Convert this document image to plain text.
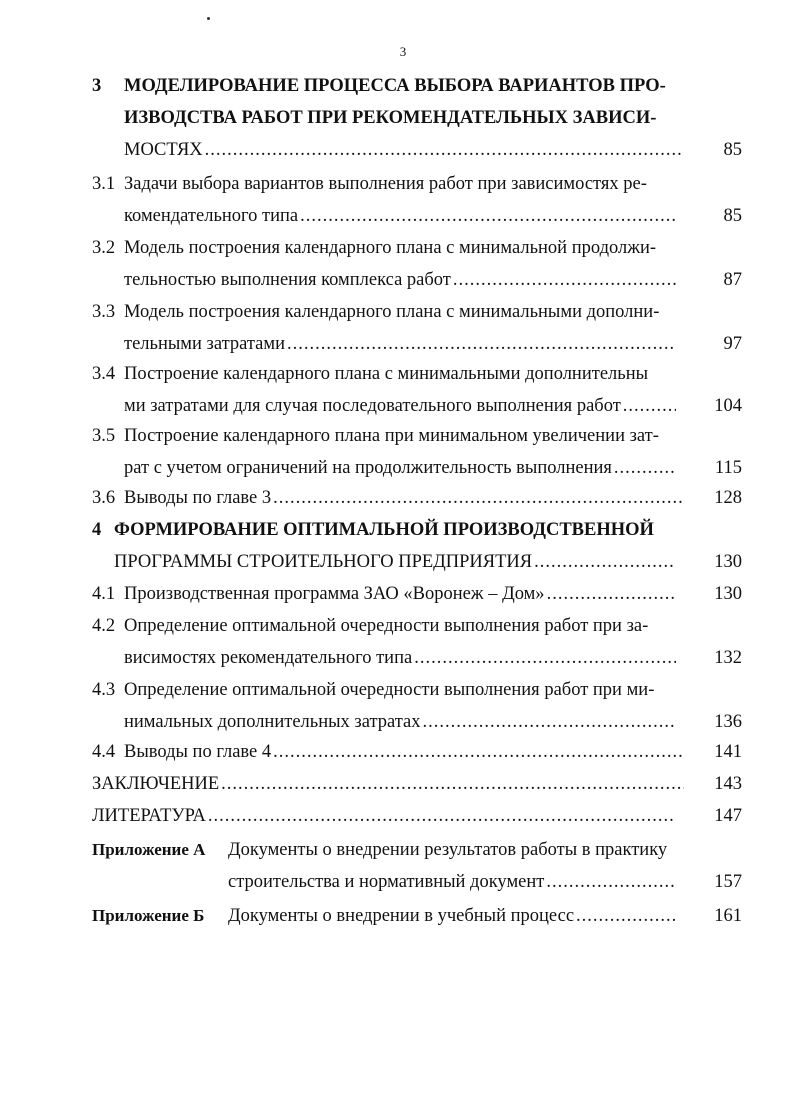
3
3 МОДЕЛИРОВАНИЕ ПРОЦЕССА ВЫБОРА ВАРИАНТОВ ПРО-
ИЗВОДСТВА РАБОТ ПРИ РЕКОМЕНДАТЕЛЬНЫХ ЗАВИСИ-
МОСТЯХ .....	85
3.1 Задачи выбора вариантов выполнения работ при зависимостях ре-
комендательного типа .....	85
3.2 Модель построения календарного плана с минимальной продолжи-
тельностью выполнения комплекса работ .....	87
3.3 Модель построения календарного плана с минимальными дополни-
тельными затратами .....	97
3.4 Построение календарного плана с минимальными дополнительны
ми затратами для случая последовательного выполнения работ .....	104
3.5 Построение календарного плана при минимальном увеличении зат-
рат с учетом ограничений на продолжительность выполнения .....	115
3.6 Выводы по главе 3 .....	128
4 ФОРМИРОВАНИЕ ОПТИМАЛЬНОЙ ПРОИЗВОДСТВЕННОЙ
ПРОГРАММЫ СТРОИТЕЛЬНОГО ПРЕДПРИЯТИЯ .....	130
4.1 Производственная программа ЗАО «Воронеж – Дом» .....	130
4.2 Определение оптимальной очередности выполнения работ при за-
висимостях рекомендательного типа .....	132
4.3 Определение оптимальной очередности выполнения работ при ми-
нимальных дополнительных затратах .....	136
4.4 Выводы по главе 4 .....	141
ЗАКЛЮЧЕНИЕ .....	143
ЛИТЕРАТУРА .....	147
Приложение А Документы о внедрении результатов работы в практику
строительства и нормативный документ .....	157
Приложение Б Документы о внедрении в учебный процесс .....	161
